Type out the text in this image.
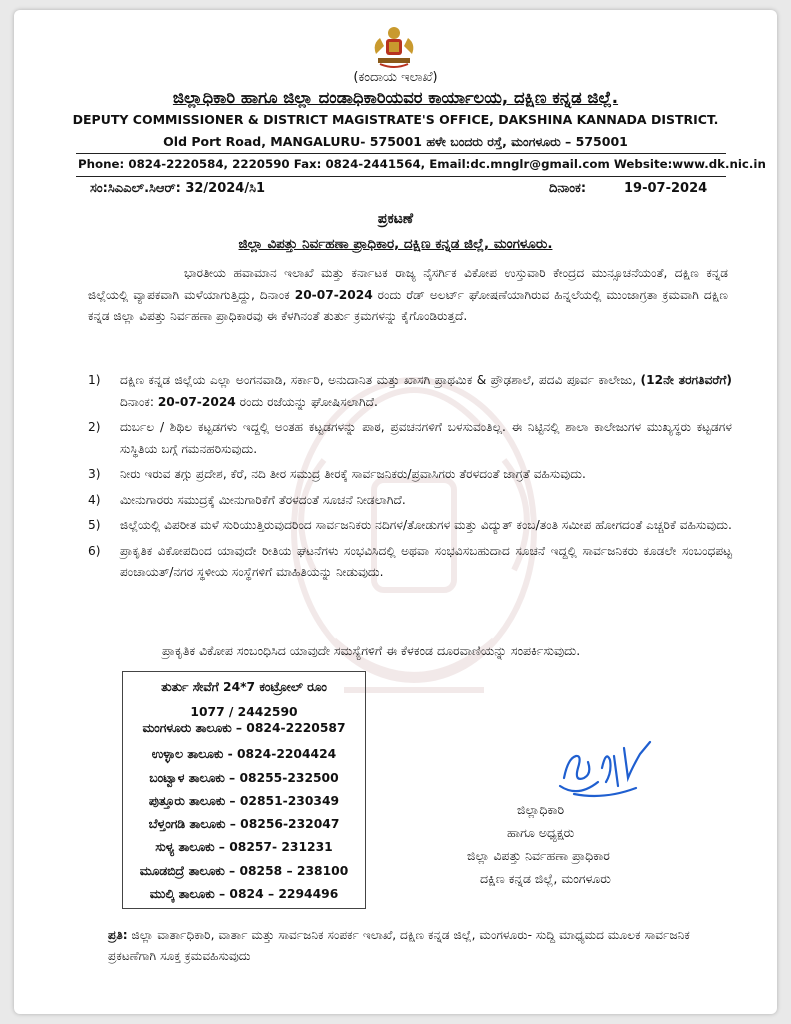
(ಕಂದಾಯ ಇಲಾಖೆ)
ಜಿಲ್ಲಾಧಿಕಾರಿ ಹಾಗೂ ಜಿಲ್ಲಾ ದಂಡಾಧಿಕಾರಿಯವರ ಕಾರ್ಯಾಲಯ, ದಕ್ಷಿಣ ಕನ್ನಡ ಜಿಲ್ಲೆ.
DEPUTY COMMISSIONER & DISTRICT MAGISTRATE'S OFFICE, DAKSHINA KANNADA DISTRICT.
Old Port Road, MANGALURU- 575001 ಹಳೇ ಬಂದರು ರಸ್ತೆ, ಮಂಗಳೂರು – 575001
Phone: 0824-2220584, 2220590 Fax: 0824-2441564, Email:dc.mnglr@gmail.com Website:www.dk.nic.in
ಸಂ:ಸಿಎಎಲ್.ಸಿಆರ್: 32/2024/ಸಿ1	ದಿನಾಂಕ:	19-07-2024
ಪ್ರಕಟಣೆ
ಜಿಲ್ಲಾ ವಿಪತ್ತು ನಿರ್ವಹಣಾ ಪ್ರಾಧಿಕಾರ, ದಕ್ಷಿಣ ಕನ್ನಡ ಜಿಲ್ಲೆ, ಮಂಗಳೂರು.
ಭಾರತೀಯ ಹವಾಮಾನ ಇಲಾಖೆ ಮತ್ತು ಕರ್ನಾಟಕ ರಾಜ್ಯ ನೈಸರ್ಗಿಕ ವಿಕೋಪ ಉಸ್ತುವಾರಿ ಕೇಂದ್ರದ ಮುನ್ಸೂಚನೆಯಂತೆ, ದಕ್ಷಿಣ ಕನ್ನಡ ಜಿಲ್ಲೆಯಲ್ಲಿ ವ್ಯಾಪಕವಾಗಿ ಮಳೆಯಾಗುತ್ತಿದ್ದು, ದಿನಾಂಕ 20-07-2024 ರಂದು ರೆಡ್ ಅಲರ್ಟ್ ಘೋಷಣೆಯಾಗಿರುವ ಹಿನ್ನಲೆಯಲ್ಲಿ ಮುಂಜಾಗ್ರತಾ ಕ್ರಮವಾಗಿ ದಕ್ಷಿಣ ಕನ್ನಡ ಜಿಲ್ಲಾ ವಿಪತ್ತು ನಿರ್ವಹಣಾ ಪ್ರಾಧಿಕಾರವು ಈ ಕೆಳಗಿನಂತೆ ತುರ್ತು ಕ್ರಮಗಳನ್ನು ಕೈಗೊಂಡಿರುತ್ತದೆ.
1) ದಕ್ಷಿಣ ಕನ್ನಡ ಜಿಲ್ಲೆಯ ಎಲ್ಲಾ ಅಂಗನವಾಡಿ, ಸರ್ಕಾರಿ, ಅನುದಾನಿತ ಮತ್ತು ಖಾಸಗಿ ಪ್ರಾಥಮಿಕ & ಪ್ರೌಢಶಾಲೆ, ಪದವಿ ಪೂರ್ವ ಕಾಲೇಜು, (12ನೇ ತರಗತಿವರೆಗೆ) ದಿನಾಂಕ: 20-07-2024 ರಂದು ರಜೆಯನ್ನು ಘೋಷಿಸಲಾಗಿದೆ.
2) ದುರ್ಬಲ / ಶಿಥಿಲ ಕಟ್ಟಡಗಳು ಇದ್ದಲ್ಲಿ ಅಂತಹ ಕಟ್ಟಡಗಳನ್ನು ಪಾಠ, ಪ್ರವಚನಗಳಿಗೆ ಬಳಸುವಂತಿಲ್ಲ. ಈ ನಿಟ್ಟಿನಲ್ಲಿ ಶಾಲಾ ಕಾಲೇಜುಗಳ ಮುಖ್ಯಸ್ಥರು ಕಟ್ಟಡಗಳ ಸುಸ್ಥಿತಿಯ ಬಗ್ಗೆ ಗಮನಹರಿಸುವುದು.
3) ನೀರು ಇರುವ ತಗ್ಗು ಪ್ರದೇಶ, ಕೆರೆ, ನದಿ ತೀರ ಸಮುದ್ರ ತೀರಕ್ಕೆ ಸಾರ್ವಜನಿಕರು/ಪ್ರವಾಸಿಗರು ತೆರಳದಂತೆ ಜಾಗ್ರತೆ ವಹಿಸುವುದು.
4) ಮೀನುಗಾರರು ಸಮುದ್ರಕ್ಕೆ ಮೀನುಗಾರಿಕೆಗೆ ತೆರಳದಂತೆ ಸೂಚನೆ ನೀಡಲಾಗಿದೆ.
5) ಜಿಲ್ಲೆಯಲ್ಲಿ ವಿಪರೀತ ಮಳೆ ಸುರಿಯುತ್ತಿರುವುದರಿಂದ ಸಾರ್ವಜನಿಕರು ನದಿಗಳ/ತೋಡುಗಳ ಮತ್ತು ವಿದ್ಯುತ್ ಕಂಬ/ತಂತಿ ಸಮೀಪ ಹೋಗದಂತೆ ಎಚ್ಚರಿಕೆ ವಹಿಸುವುದು.
6) ಪ್ರಾಕೃತಿಕ ವಿಕೋಪದಿಂದ ಯಾವುದೇ ರೀತಿಯ ಘಟನೆಗಳು ಸಂಭವಿಸಿದಲ್ಲಿ ಅಥವಾ ಸಂಭವಿಸಬಹುದಾದ ಸೂಚನೆ ಇದ್ದಲ್ಲಿ ಸಾರ್ವಜನಿಕರು ಕೂಡಲೇ ಸಂಬಂಧಪಟ್ಟ ಪಂಚಾಯತ್/ನಗರ ಸ್ಥಳೀಯ ಸಂಸ್ಥೆಗಳಿಗೆ ಮಾಹಿತಿಯನ್ನು ನೀಡುವುದು.
ಪ್ರಾಕೃತಿಕ ವಿಕೋಪ ಸಂಬಂಧಿಸಿದ ಯಾವುದೇ ಸಮಸ್ಯೆಗಳಿಗೆ ಈ ಕೆಳಕಂಡ ದೂರವಾಣಿಯನ್ನು ಸಂಪರ್ಕಿಸುವುದು.
ತುರ್ತು ಸೇವೆಗೆ 24*7 ಕಂಟ್ರೋಲ್ ರೂಂ
1077 / 2442590
ಮಂಗಳೂರು ತಾಲೂಕು – 0824-2220587
ಉಳ್ಳಾಲ ತಾಲೂಕು - 0824-2204424
ಬಂಟ್ವಾಳ ತಾಲೂಕು – 08255-232500
ಪುತ್ತೂರು ತಾಲೂಕು – 02851-230349
ಬೆಳ್ತಂಗಡಿ ತಾಲೂಕು – 08256-232047
ಸುಳ್ಯ ತಾಲೂಕು – 08257- 231231
ಮೂಡಬಿದ್ರೆ ತಾಲೂಕು – 08258 – 238100
ಮುಲ್ಕಿ ತಾಲೂಕು – 0824 – 2294496
ಜಿಲ್ಲಾಧಿಕಾರಿ
ಹಾಗೂ ಅಧ್ಯಕ್ಷರು
ಜಿಲ್ಲಾ ವಿಪತ್ತು ನಿರ್ವಹಣಾ ಪ್ರಾಧಿಕಾರ
ದಕ್ಷಿಣ ಕನ್ನಡ ಜಿಲ್ಲೆ, ಮಂಗಳೂರು
ಪ್ರತಿ: ಜಿಲ್ಲಾ ವಾರ್ತಾಧಿಕಾರಿ, ವಾರ್ತಾ ಮತ್ತು ಸಾರ್ವಜನಿಕ ಸಂಪರ್ಕ ಇಲಾಖೆ, ದಕ್ಷಿಣ ಕನ್ನಡ ಜಿಲ್ಲೆ, ಮಂಗಳೂರು- ಸುದ್ದಿ ಮಾಧ್ಯಮದ ಮೂಲಕ ಸಾರ್ವಜನಿಕ ಪ್ರಕಟಣೆಗಾಗಿ ಸೂಕ್ತ ಕ್ರಮವಹಿಸುವುದು
